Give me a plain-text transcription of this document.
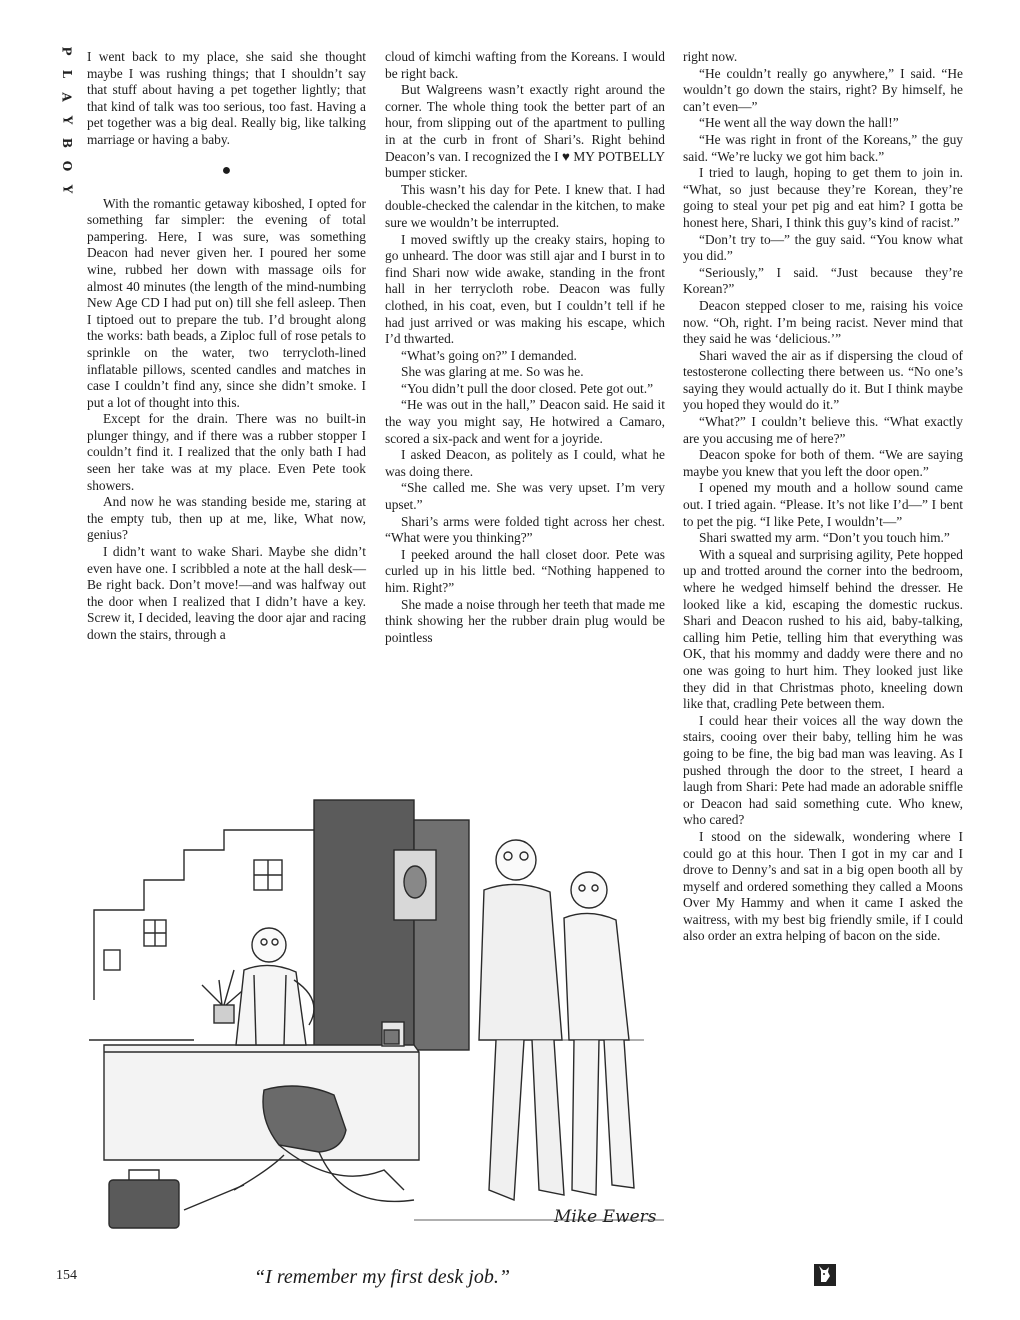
P
L
A
Y
B
O
Y

I went back to my place, she said she thought maybe I was rushing things; that I shouldn’t say that stuff about having a pet together lightly; that that kind of talk was too serious, too fast. Having a pet together was a big deal. Really big, like talking marriage or having a baby.

●

With the romantic getaway kiboshed, I opted for something far simpler: the evening of total pampering. Here, I was sure, was something Deacon had never given her. I poured her some wine, rubbed her down with massage oils for almost 40 minutes (the length of the mind-numbing New Age CD I had put on) till she fell asleep. Then I tiptoed out to prepare the tub. I’d brought along the works: bath beads, a Ziploc full of rose petals to sprinkle on the water, two terrycloth-lined inflatable pillows, scented candles and matches in case I couldn’t find any, since she didn’t smoke. I put a lot of thought into this.

Except for the drain. There was no built-in plunger thingy, and if there was a rubber stopper I couldn’t find it. I realized that the only bath I had seen her take was at my place. Even Pete took showers.

And now he was standing beside me, staring at the empty tub, then up at me, like, What now, genius?

I didn’t want to wake Shari. Maybe she didn’t even have one. I scribbled a note at the hall desk—Be right back. Don’t move!—and was halfway out the door when I realized that I didn’t have a key. Screw it, I decided, leaving the door ajar and racing down the stairs, through a

cloud of kimchi wafting from the Koreans. I would be right back.

But Walgreens wasn’t exactly right around the corner. The whole thing took the better part of an hour, from slipping out of the apartment to pulling in at the curb in front of Shari’s. Right behind Deacon’s van. I recognized the I ♥ MY POTBELLY bumper sticker.

This wasn’t his day for Pete. I knew that. I had double-checked the calendar in the kitchen, to make sure we wouldn’t be interrupted.

I moved swiftly up the creaky stairs, hoping to go unheard. The door was still ajar and I burst in to find Shari now wide awake, standing in the front hall in her terrycloth robe. Deacon was fully clothed, in his coat, even, but I couldn’t tell if he had just arrived or was making his escape, which I’d thwarted.

“What’s going on?” I demanded.

She was glaring at me. So was he.

“You didn’t pull the door closed. Pete got out.”

“He was out in the hall,” Deacon said. He said it the way you might say, He hotwired a Camaro, scored a six-pack and went for a joyride.

I asked Deacon, as politely as I could, what he was doing there.

“She called me. She was very upset. I’m very upset.”

Shari’s arms were folded tight across her chest. “What were you thinking?”

I peeked around the hall closet door. Pete was curled up in his little bed. “Nothing happened to him. Right?”

She made a noise through her teeth that made me think showing her the rubber drain plug would be pointless

right now.

“He couldn’t really go anywhere,” I said. “He wouldn’t go down the stairs, right? By himself, he can’t even—”

“He went all the way down the hall!”

“He was right in front of the Koreans,” the guy said. “We’re lucky we got him back.”

I tried to laugh, hoping to get them to join in. “What, so just because they’re Korean, they’re going to steal your pet pig and eat him? I gotta be honest here, Shari, I think this guy’s kind of racist.”

“Don’t try to—” the guy said. “You know what you did.”

“Seriously,” I said. “Just because they’re Korean?”

Deacon stepped closer to me, raising his voice now. “Oh, right. I’m being racist. Never mind that they said he was ‘delicious.’”

Shari waved the air as if dispersing the cloud of testosterone collecting there between us. “No one’s saying they would actually do it. But I think maybe you hoped they would do it.”

“What?” I couldn’t believe this. “What exactly are you accusing me of here?”

Deacon spoke for both of them. “We are saying maybe you knew that you left the door open.”

I opened my mouth and a hollow sound came out. I tried again. “Please. It’s not like I’d—” I bent to pet the pig. “I like Pete, I wouldn’t—”

Shari swatted my arm. “Don’t you touch him.”

With a squeal and surprising agility, Pete hopped up and trotted around the corner into the bedroom, where he wedged himself behind the dresser. He looked like a kid, escaping the domestic ruckus. Shari and Deacon rushed to his aid, baby-talking, calling him Petie, telling him that everything was OK, that his mommy and daddy were there and no one was going to hurt him. They looked just like they did in that Christmas photo, kneeling down like that, cradling Pete between them.

I could hear their voices all the way down the stairs, cooing over their baby, telling him he was going to be fine, the big bad man was leaving. As I pushed through the door to the street, I heard a laugh from Shari: Pete had made an adorable sniffle or Deacon had said something cute. Who knew, who cared?

I stood on the sidewalk, wondering where I could go at this hour. Then I got in my car and I drove to Denny’s and sat in a big open booth all by myself and ordered something they called a Moons Over My Hammy and when it came I asked the waitress, with my best big friendly smile, if I could also order an extra helping of bacon on the side.

Mike Ewers
“I remember my first desk job.”
154
